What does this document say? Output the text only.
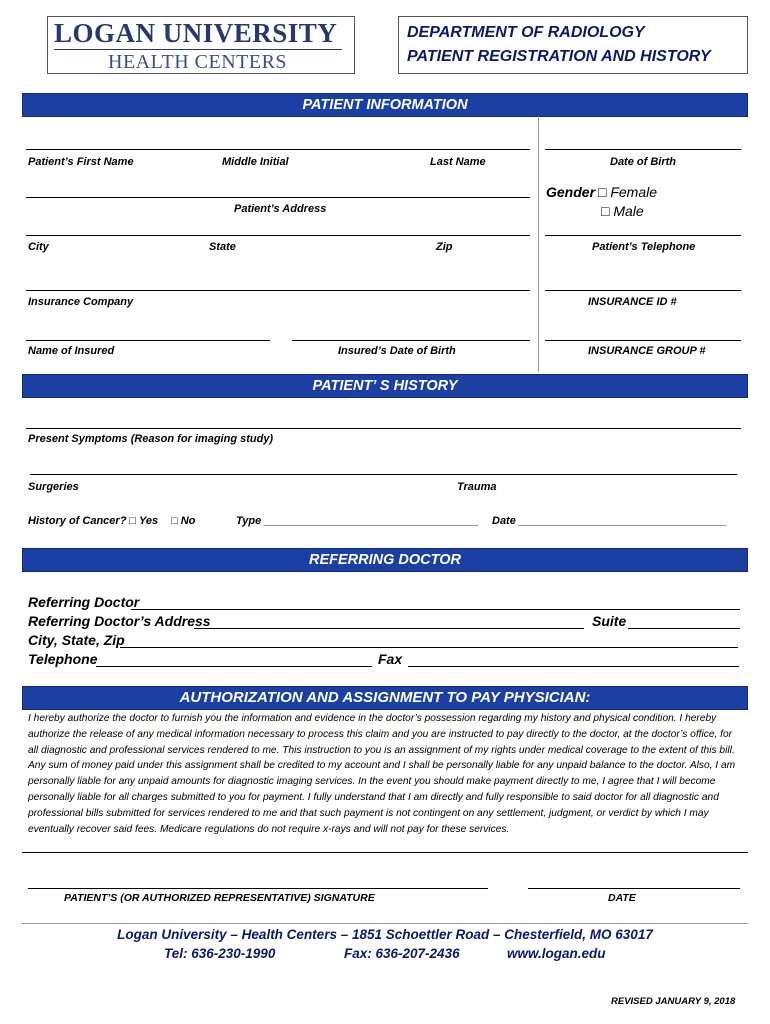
LOGAN UNIVERSITY
HEALTH CENTERS
DEPARTMENT OF RADIOLOGY
PATIENT REGISTRATION AND HISTORY
PATIENT INFORMATION
Patient’s First Name	Middle Initial	Last Name	Date of Birth
Patient’s Address
Gender □ Female
□ Male
City	State	Zip	Patient’s Telephone
Insurance Company	INSURANCE ID #
Name of Insured	Insured’s Date of Birth	INSURANCE GROUP #
PATIENT’ S HISTORY
Present Symptoms (Reason for imaging study)
Surgeries	Trauma
History of Cancer? □ Yes □ No	Type ___________________________________ Date __________________________________
REFERRING DOCTOR
Referring Doctor
Referring Doctor’s Address	Suite
City, State, Zip
Telephone	Fax
AUTHORIZATION AND ASSIGNMENT TO PAY PHYSICIAN:
I hereby authorize the doctor to furnish you the information and evidence in the doctor’s possession regarding my history and physical condition. I hereby authorize the release of any medical information necessary to process this claim and you are instructed to pay directly to the doctor, at the doctor’s office, for all diagnostic and professional services rendered to me. This instruction to you is an assignment of my rights under medical coverage to the extent of this bill. Any sum of money paid under this assignment shall be credited to my account and I shall be personally liable for any unpaid balance to the doctor. Also, I am personally liable for any unpaid amounts for diagnostic imaging services. In the event you should make payment directly to me, I agree that I will become personally liable for all charges submitted to you for payment. I fully understand that I am directly and fully responsible to said doctor for all diagnostic and professional bills submitted for services rendered to me and that such payment is not contingent on any settlement, judgment, or verdict by which I may eventually recover said fees. Medicare regulations do not require x-rays and will not pay for these services.
PATIENT’S (OR AUTHORIZED REPRESENTATIVE) SIGNATURE	DATE
Logan University – Health Centers – 1851 Schoettler Road – Chesterfield, MO 63017
Tel: 636-230-1990	Fax: 636-207-2436	www.logan.edu
REVISED JANUARY 9, 2018
